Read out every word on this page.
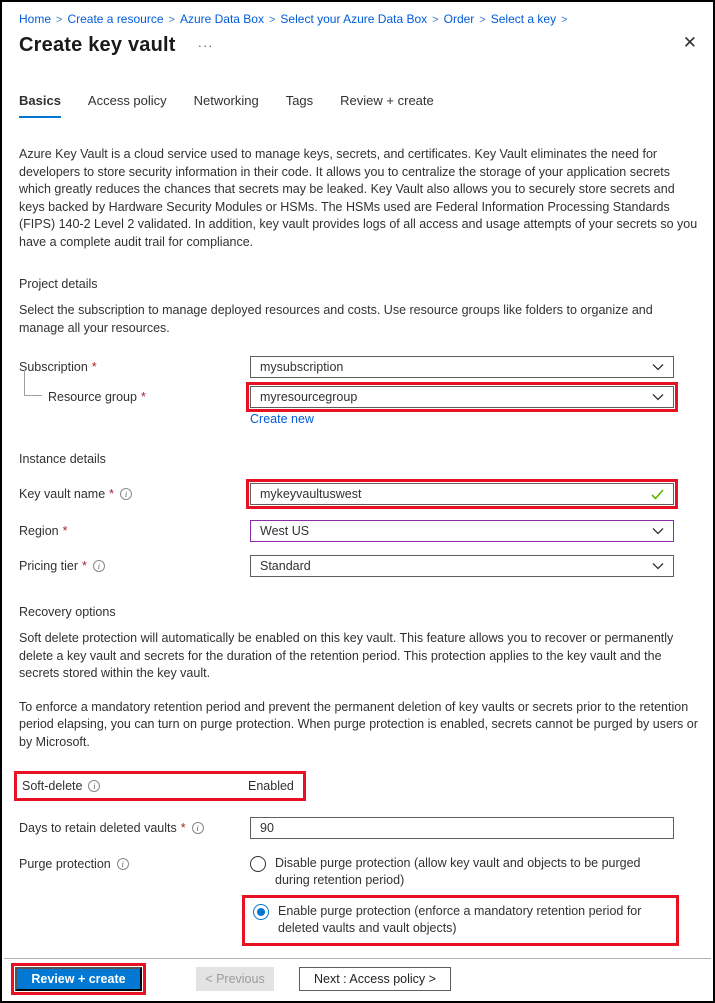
Home > Create a resource > Azure Data Box > Select your Azure Data Box > Order > Select a key >
Create key vault ···	✕
Basics Access policy Networking Tags Review + create

Azure Key Vault is a cloud service used to manage keys, secrets, and certificates. Key Vault eliminates the need for developers to store security information in their code. It allows you to centralize the storage of your application secrets which greatly reduces the chances that secrets may be leaked. Key Vault also allows you to securely store secrets and keys backed by Hardware Security Modules or HSMs. The HSMs used are Federal Information Processing Standards (FIPS) 140-2 Level 2 validated. In addition, key vault provides logs of all access and usage attempts of your secrets so you have a complete audit trail for compliance.

Project details

Select the subscription to manage deployed resources and costs. Use resource groups like folders to organize and manage all your resources.

Subscription *	mysubscription
Resource group *	myresourcegroup
Create new
Instance details
Key vault name *	i	mykeyvaultuswest
Region *	West US
Pricing tier *	i	Standard
Recovery options

Soft delete protection will automatically be enabled on this key vault. This feature allows you to recover or permanently delete a key vault and secrets for the duration of the retention period. This protection applies to the key vault and the secrets stored within the key vault.

To enforce a mandatory retention period and prevent the permanent deletion of key vaults or secrets prior to the retention period elapsing, you can turn on purge protection. When purge protection is enabled, secrets cannot be purged by users or by Microsoft.

Soft-delete	i	Enabled
Days to retain deleted vaults *	i
90
Purge protection	i	Disable purge protection (allow key vault and objects to be purged during retention period)
Enable purge protection (enforce a mandatory retention period for deleted vaults and vault objects)
Review + create	< Previous	Next : Access policy >
